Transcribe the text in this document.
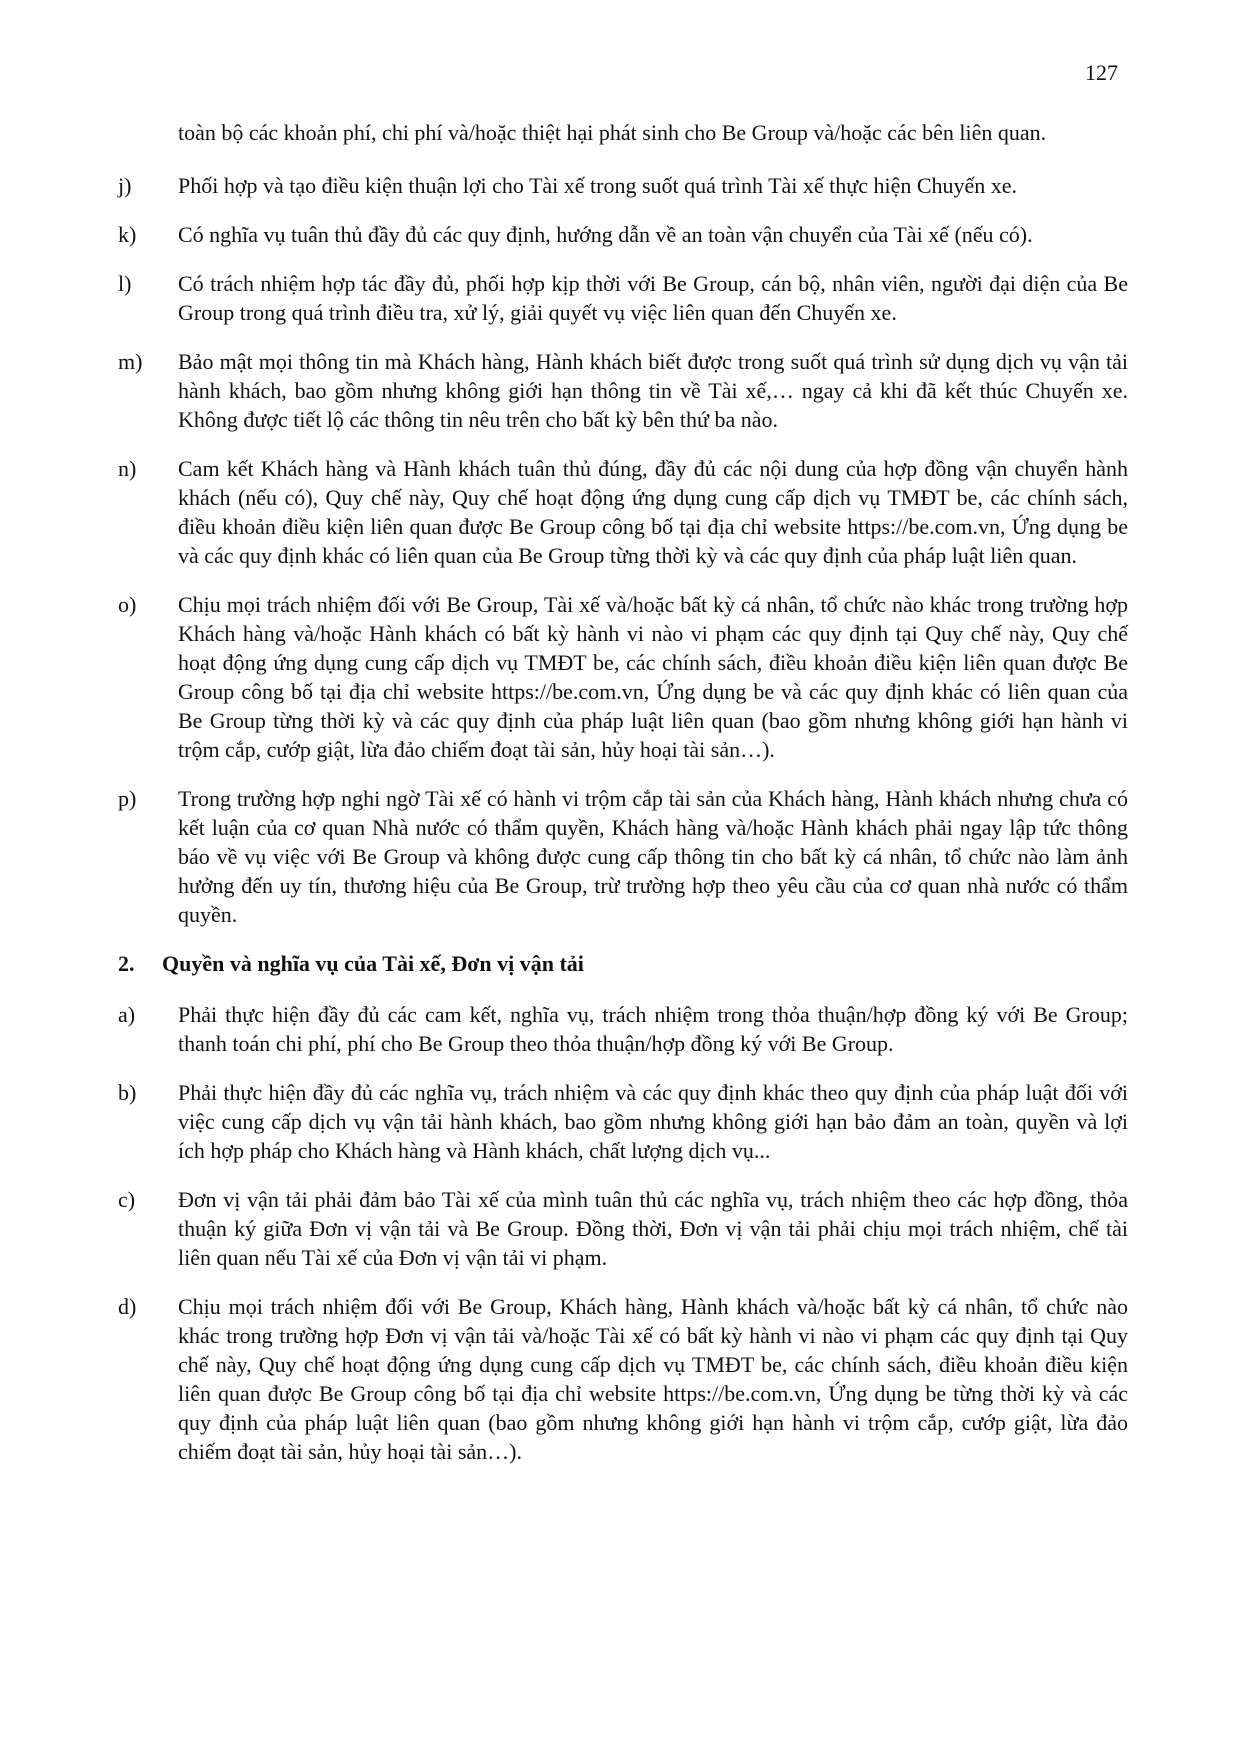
127
toàn bộ các khoản phí, chi phí và/hoặc thiệt hại phát sinh cho Be Group và/hoặc các bên liên quan.
j) Phối hợp và tạo điều kiện thuận lợi cho Tài xế trong suốt quá trình Tài xế thực hiện Chuyến xe.
k) Có nghĩa vụ tuân thủ đầy đủ các quy định, hướng dẫn về an toàn vận chuyển của Tài xế (nếu có).
l) Có trách nhiệm hợp tác đầy đủ, phối hợp kịp thời với Be Group, cán bộ, nhân viên, người đại diện của Be Group trong quá trình điều tra, xử lý, giải quyết vụ việc liên quan đến Chuyến xe.
m) Bảo mật mọi thông tin mà Khách hàng, Hành khách biết được trong suốt quá trình sử dụng dịch vụ vận tải hành khách, bao gồm nhưng không giới hạn thông tin về Tài xế,… ngay cả khi đã kết thúc Chuyến xe. Không được tiết lộ các thông tin nêu trên cho bất kỳ bên thứ ba nào.
n) Cam kết Khách hàng và Hành khách tuân thủ đúng, đầy đủ các nội dung của hợp đồng vận chuyển hành khách (nếu có), Quy chế này, Quy chế hoạt động ứng dụng cung cấp dịch vụ TMĐT be, các chính sách, điều khoản điều kiện liên quan được Be Group công bố tại địa chỉ website https://be.com.vn, Ứng dụng be và các quy định khác có liên quan của Be Group từng thời kỳ và các quy định của pháp luật liên quan.
o) Chịu mọi trách nhiệm đối với Be Group, Tài xế và/hoặc bất kỳ cá nhân, tổ chức nào khác trong trường hợp Khách hàng và/hoặc Hành khách có bất kỳ hành vi nào vi phạm các quy định tại Quy chế này, Quy chế hoạt động ứng dụng cung cấp dịch vụ TMĐT be, các chính sách, điều khoản điều kiện liên quan được Be Group công bố tại địa chỉ website https://be.com.vn, Ứng dụng be và các quy định khác có liên quan của Be Group từng thời kỳ và các quy định của pháp luật liên quan (bao gồm nhưng không giới hạn hành vi trộm cắp, cướp giật, lừa đảo chiếm đoạt tài sản, hủy hoại tài sản…).
p) Trong trường hợp nghi ngờ Tài xế có hành vi trộm cắp tài sản của Khách hàng, Hành khách nhưng chưa có kết luận của cơ quan Nhà nước có thẩm quyền, Khách hàng và/hoặc Hành khách phải ngay lập tức thông báo về vụ việc với Be Group và không được cung cấp thông tin cho bất kỳ cá nhân, tổ chức nào làm ảnh hưởng đến uy tín, thương hiệu của Be Group, trừ trường hợp theo yêu cầu của cơ quan nhà nước có thẩm quyền.
2. Quyền và nghĩa vụ của Tài xế, Đơn vị vận tải
a) Phải thực hiện đầy đủ các cam kết, nghĩa vụ, trách nhiệm trong thỏa thuận/hợp đồng ký với Be Group; thanh toán chi phí, phí cho Be Group theo thỏa thuận/hợp đồng ký với Be Group.
b) Phải thực hiện đầy đủ các nghĩa vụ, trách nhiệm và các quy định khác theo quy định của pháp luật đối với việc cung cấp dịch vụ vận tải hành khách, bao gồm nhưng không giới hạn bảo đảm an toàn, quyền và lợi ích hợp pháp cho Khách hàng và Hành khách, chất lượng dịch vụ...
c) Đơn vị vận tải phải đảm bảo Tài xế của mình tuân thủ các nghĩa vụ, trách nhiệm theo các hợp đồng, thỏa thuận ký giữa Đơn vị vận tải và Be Group. Đồng thời, Đơn vị vận tải phải chịu mọi trách nhiệm, chế tài liên quan nếu Tài xế của Đơn vị vận tải vi phạm.
d) Chịu mọi trách nhiệm đối với Be Group, Khách hàng, Hành khách và/hoặc bất kỳ cá nhân, tổ chức nào khác trong trường hợp Đơn vị vận tải và/hoặc Tài xế có bất kỳ hành vi nào vi phạm các quy định tại Quy chế này, Quy chế hoạt động ứng dụng cung cấp dịch vụ TMĐT be, các chính sách, điều khoản điều kiện liên quan được Be Group công bố tại địa chỉ website https://be.com.vn, Ứng dụng be từng thời kỳ và các quy định của pháp luật liên quan (bao gồm nhưng không giới hạn hành vi trộm cắp, cướp giật, lừa đảo chiếm đoạt tài sản, hủy hoại tài sản…).
